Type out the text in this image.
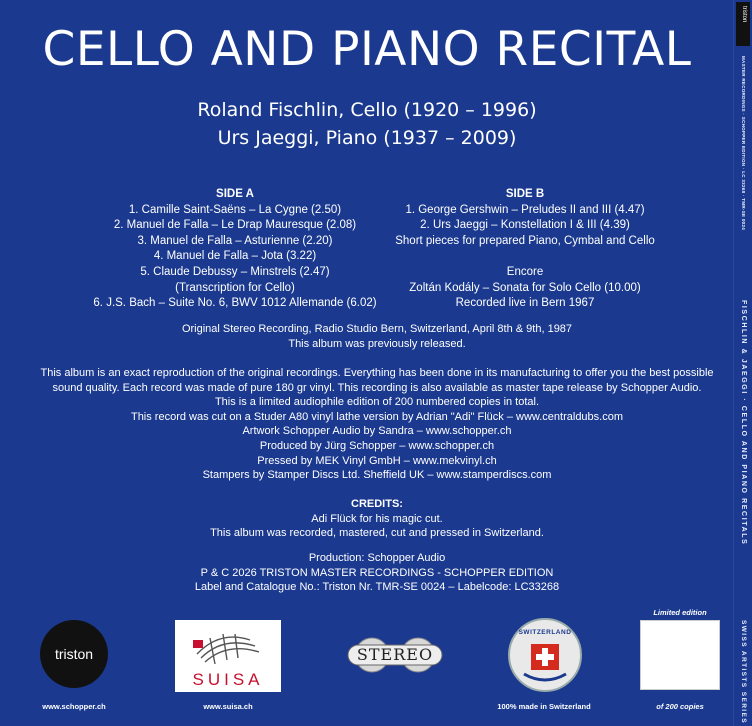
CELLO AND PIANO RECITAL
Roland Fischlin, Cello (1920 – 1996)
Urs Jaeggi, Piano (1937 – 2009)
SIDE A
1. Camille Saint-Saëns – La Cygne (2.50)
2. Manuel de Falla – Le Drap Mauresque (2.08)
3. Manuel de Falla – Asturienne (2.20)
4. Manuel de Falla – Jota (3.22)
5. Claude Debussy – Minstrels (2.47)
(Transcription for Cello)
6. J.S. Bach – Suite No. 6, BWV 1012 Allemande (6.02)
SIDE B
1. George Gershwin – Preludes II and III (4.47)
2. Urs Jaeggi – Konstellation I & III (4.39)
Short pieces for prepared Piano, Cymbal and Cello
Encore
Zoltán Kodály – Sonata for Solo Cello (10.00)
Recorded live in Bern 1967
Original Stereo Recording, Radio Studio Bern, Switzerland, April 8th & 9th, 1987
This album was previously released.
This album is an exact reproduction of the original recordings. Everything has been done in its manufacturing to offer you the best possible
sound quality. Each record was made of pure 180 gr vinyl. This recording is also available as master tape release by Schopper Audio.
This is a limited audiophile edition of 200 numbered copies in total.
This record was cut on a Studer A80 vinyl lathe version by Adrian "Adi" Flück – www.centraldubs.com
Artwork Schopper Audio by Sandra – www.schopper.ch
Produced by Jürg Schopper – www.schopper.ch
Pressed by MEK Vinyl GmbH – www.mekvinyl.ch
Stampers by Stamper Discs Ltd. Sheffield UK – www.stamperdiscs.com
CREDITS:
Adi Flück for his magic cut.
This album was recorded, mastered, cut and pressed in Switzerland.
Production: Schopper Audio
P & C 2026 TRISTON MASTER RECORDINGS - SCHOPPER EDITION
Label and Catalogue No.: Triston Nr. TMR-SE 0024 – Labelcode: LC33268
triston
www.schopper.ch
SUISA
www.suisa.ch
STEREO
SWITZERLAND
100% made in Switzerland
Limited edition
of 200 copies
triston
MASTER RECORDINGS · SCHOPPER EDITION · LC 33268 · TMR-SE 0024
FISCHLIN & JAEGGI · CELLO AND PIANO RECITALS
SWISS ARTISTS SERIES
